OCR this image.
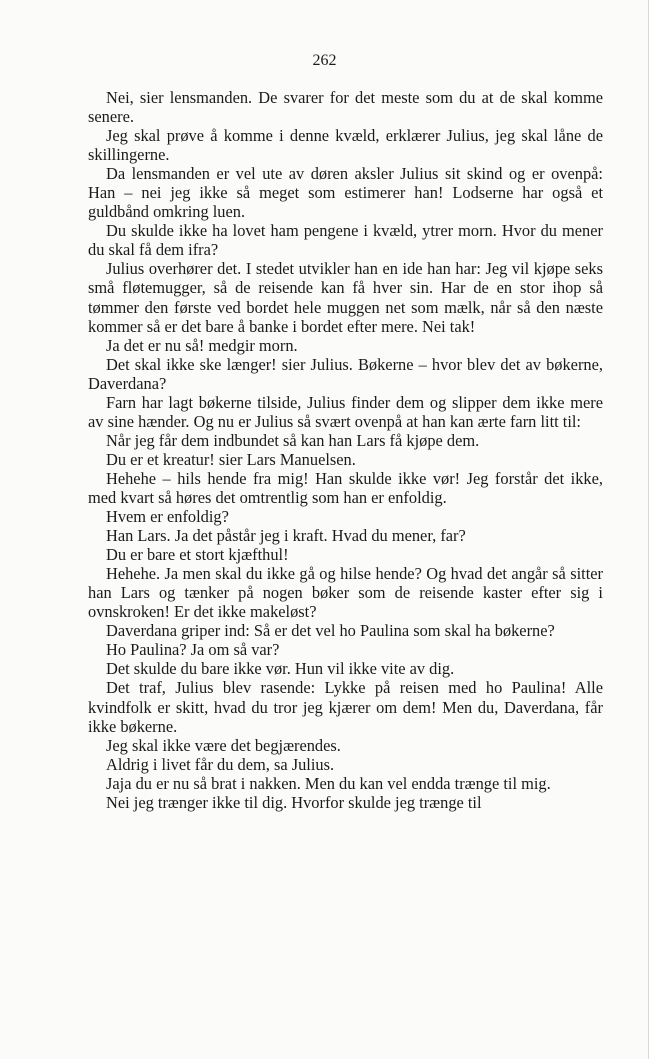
262

Nei, sier lensmanden. De svarer for det meste som du at de skal komme senere.

Jeg skal prøve å komme i denne kvæld, erklærer Julius, jeg skal låne de skillingerne.

Da lensmanden er vel ute av døren aksler Julius sit skind og er ovenpå: Han – nei jeg ikke så meget som estimerer han! Lodserne har også et guldbånd omkring luen.

Du skulde ikke ha lovet ham pengene i kvæld, ytrer morn. Hvor du mener du skal få dem ifra?

Julius overhører det. I stedet utvikler han en ide han har: Jeg vil kjøpe seks små fløtemugger, så de reisende kan få hver sin. Har de en stor ihop så tømmer den første ved bordet hele muggen net som mælk, når så den næste kommer så er det bare å banke i bordet efter mere. Nei tak!

Ja det er nu så! medgir morn.

Det skal ikke ske længer! sier Julius. Bøkerne – hvor blev det av bøkerne, Daverdana?

Farn har lagt bøkerne tilside, Julius finder dem og slipper dem ikke mere av sine hænder. Og nu er Julius så svært ovenpå at han kan ærte farn litt til:

Når jeg får dem indbundet så kan han Lars få kjøpe dem.

Du er et kreatur! sier Lars Manuelsen.

Hehehe – hils hende fra mig! Han skulde ikke vør! Jeg forstår det ikke, med kvart så høres det omtrentlig som han er enfoldig.

Hvem er enfoldig?

Han Lars. Ja det påstår jeg i kraft. Hvad du mener, far?

Du er bare et stort kjæfthul!

Hehehe. Ja men skal du ikke gå og hilse hende? Og hvad det angår så sitter han Lars og tænker på nogen bøker som de reisende kaster efter sig i ovnskroken! Er det ikke makeløst?

Daverdana griper ind: Så er det vel ho Paulina som skal ha bøkerne?

Ho Paulina? Ja om så var?

Det skulde du bare ikke vør. Hun vil ikke vite av dig.

Det traf, Julius blev rasende: Lykke på reisen med ho Paulina! Alle kvindfolk er skitt, hvad du tror jeg kjærer om dem! Men du, Daverdana, får ikke bøkerne.

Jeg skal ikke være det begjærendes.

Aldrig i livet får du dem, sa Julius.

Jaja du er nu så brat i nakken. Men du kan vel endda trænge til mig.

Nei jeg trænger ikke til dig. Hvorfor skulde jeg trænge til
